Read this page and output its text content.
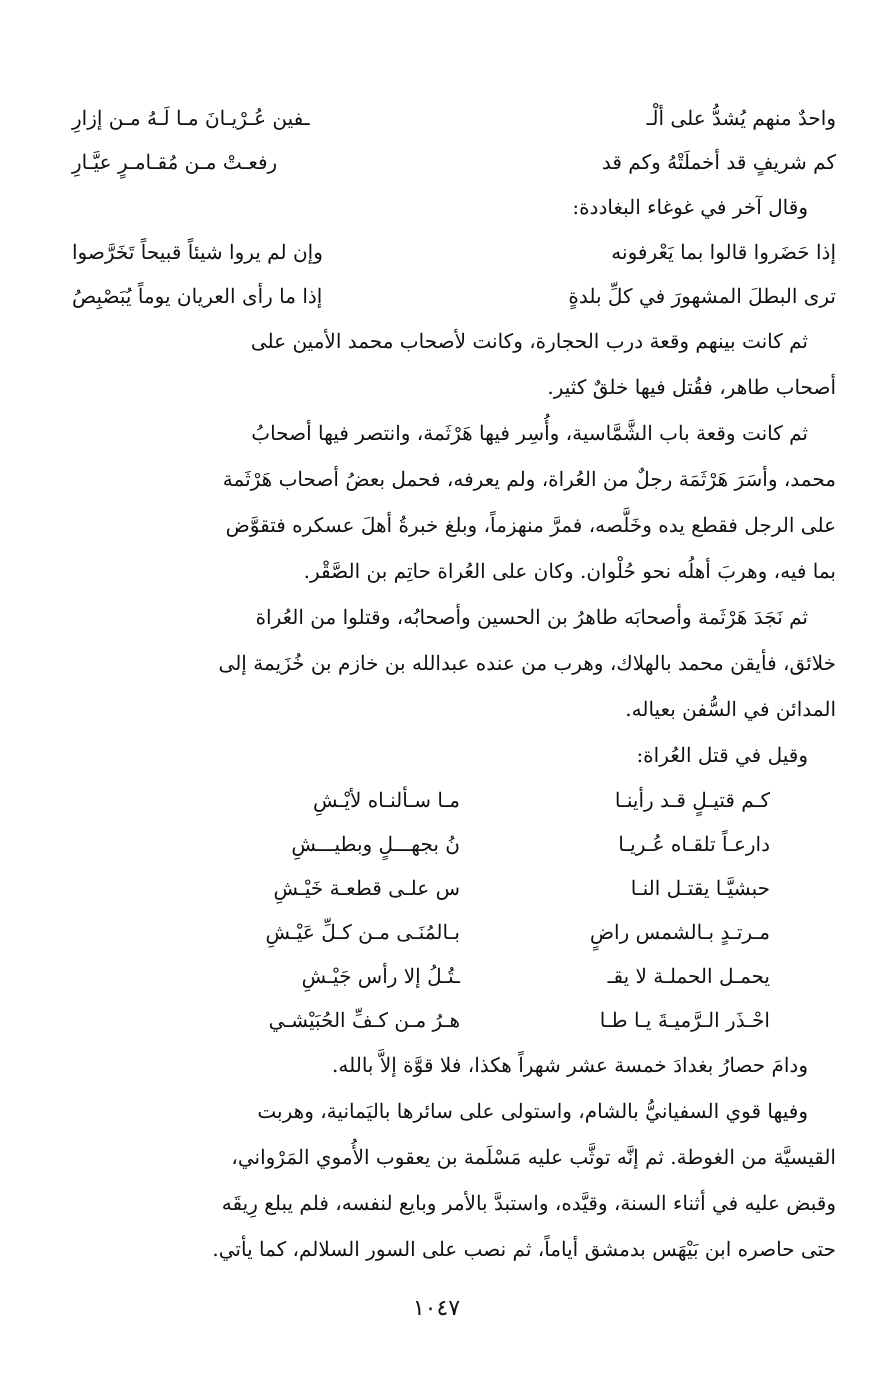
واحدٌ منهم يُشدُّ على ألْـ
ـفين عُـرْيـانَ مـا لَـهُ مـن إزارِ
كم شريفٍ قد أخملَتْهُ وكم قد
رفعـتْ مـن مُقـامـرٍ عيَّـارِ
وقال آخر في غوغاء البغاددة:
إذا حَضَروا قالوا بما يَعْرفونه
وإن لم يروا شيئاً قبيحاً تَخَرَّصوا
ترى البطلَ المشهورَ في كلِّ بلدةٍ
إذا ما رأى العريان يوماً يُبَصْبِصُ
ثم كانت بينهم وقعة درب الحجارة، وكانت لأصحاب محمد الأمين على
أصحاب طاهر، فقُتل فيها خلقٌ كثير.
ثم كانت وقعة باب الشَّمَّاسية، وأُسِر فيها هَرْثَمة، وانتصر فيها أصحابُ
محمد، وأسَرَ هَرْثَمَة رجلٌ من العُراة، ولم يعرفه، فحمل بعضُ أصحاب هَرْثَمة
على الرجل فقطع يده وخَلَّصه، فمرَّ منهزماً، وبلغ خبرةُ أهلَ عسكره فتقوَّض
بما فيه، وهربَ أهلُه نحو حُلْوان. وكان على العُراة حاتِم بن الصَّقْر.
ثم نَجَدَ هَرْثَمة وأصحابَه طاهرُ بن الحسين وأصحابُه، وقتلوا من العُراة
خلائق، فأيقن محمد بالهلاك، وهرب من عنده عبدالله بن خازم بن خُزَيمة إلى
المدائن في السُّفن بعياله.
وقيل في قتل العُراة:
كـم قتيـلٍ قـد رأينـا
مـا سـألنـاه لأيْـشِ
دارعـاً تلقـاه عُـريـا
نُ بجهـــلٍ وبطيـــشِ
حبشيَّـا يقتـل النـا
س علـى قطعـة خَيْـشِ
مـرتـدٍ بـالشمس راضٍ
بـالمُنَـى مـن كـلِّ عَيْـشِ
يحمـل الحملـة لا يقـ
ـتُـلُ إلا رأس جَيْـشِ
احْـذَر الـرَّميـةَ يـا طـا
هـرُ مـن كـفِّ الحُبَيْشـي
ودامَ حصارُ بغدادَ خمسة عشر شهراً هكذا، فلا قوَّة إلاَّ بالله.
وفيها قوي السفيانيُّ بالشام، واستولى على سائرها باليَمانية، وهربت
القيسيَّة من الغوطة. ثم إنَّه توثَّب عليه مَسْلَمة بن يعقوب الأُموي المَرْواني،
وقبض عليه في أثناء السنة، وقيَّده، واستبدَّ بالأمر وبايع لنفسه، فلم يبلع رِيقَه
حتى حاصره ابن بَيْهَس بدمشق أياماً، ثم نصب على السور السلالم، كما يأتي.
١٠٤٧
